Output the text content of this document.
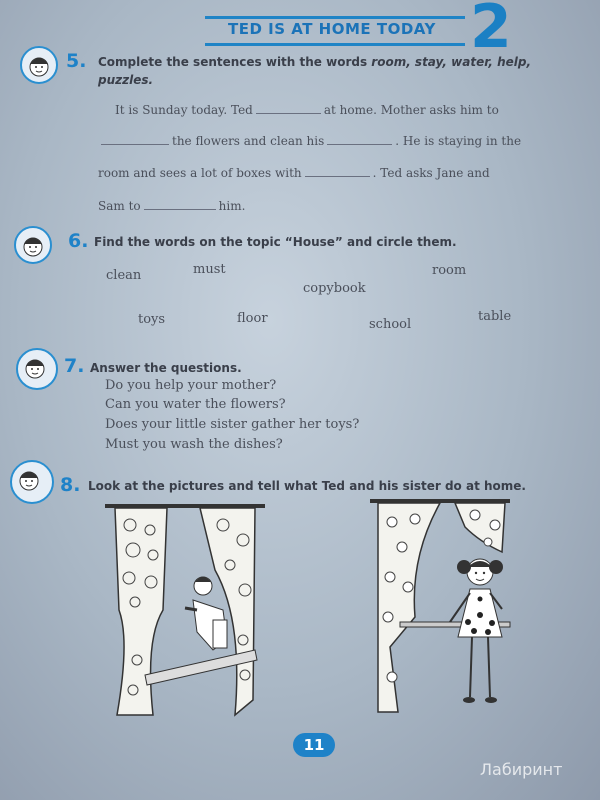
TED IS AT HOME TODAY 2
5. Complete the sentences with the words room, stay, water, help,
puzzles.
It is Sunday today. Ted	at home. Mother asks him to
the flowers and clean his	. He is staying in the
room and sees a lot of boxes with	. Ted asks Jane and
Sam to	him.
6. Find the words on the topic “House” and circle them.
clean	must
copybook
room
toys	floor	school
table
7. Answer the questions.
Do you help your mother?
Can you water the flowers?
Does your little sister gather her toys?
Must you wash the dishes?
8. Look at the pictures and tell what Ted and his sister do at home.
11
Лабиринт
